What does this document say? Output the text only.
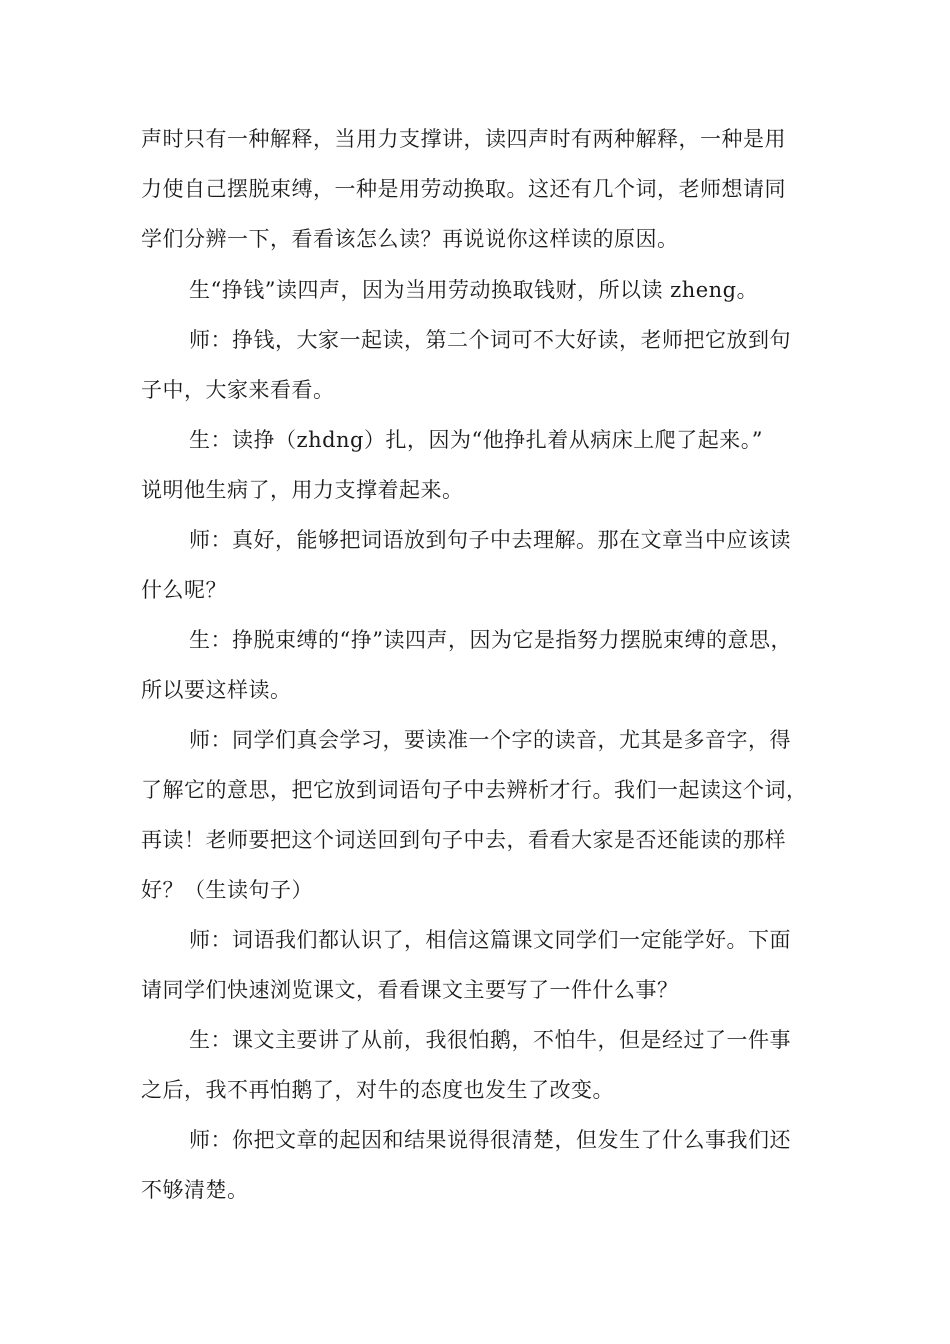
声时只有一种解释，当用力支撑讲，读四声时有两种解释，一种是用
力使自己摆脱束缚，一种是用劳动换取。这还有几个词，老师想请同
学们分辨一下，看看该怎么读？再说说你这样读的原因。
生“挣钱”读四声，因为当用劳动换取钱财，所以读 zheng。
师：挣钱，大家一起读，第二个词可不大好读，老师把它放到句
子中，大家来看看。
生：读挣（zhdng）扎，因为“他挣扎着从病床上爬了起来。”
说明他生病了，用力支撑着起来。
师：真好，能够把词语放到句子中去理解。那在文章当中应该读
什么呢？
生：挣脱束缚的“挣”读四声，因为它是指努力摆脱束缚的意思，
所以要这样读。
师：同学们真会学习，要读准一个字的读音，尤其是多音字，得
了解它的意思，把它放到词语句子中去辨析才行。我们一起读这个词，
再读！老师要把这个词送回到句子中去，看看大家是否还能读的那样
好？（生读句子）
师：词语我们都认识了，相信这篇课文同学们一定能学好。下面
请同学们快速浏览课文，看看课文主要写了一件什么事？
生：课文主要讲了从前，我很怕鹅，不怕牛，但是经过了一件事
之后，我不再怕鹅了，对牛的态度也发生了改变。
师：你把文章的起因和结果说得很清楚，但发生了什么事我们还
不够清楚。
